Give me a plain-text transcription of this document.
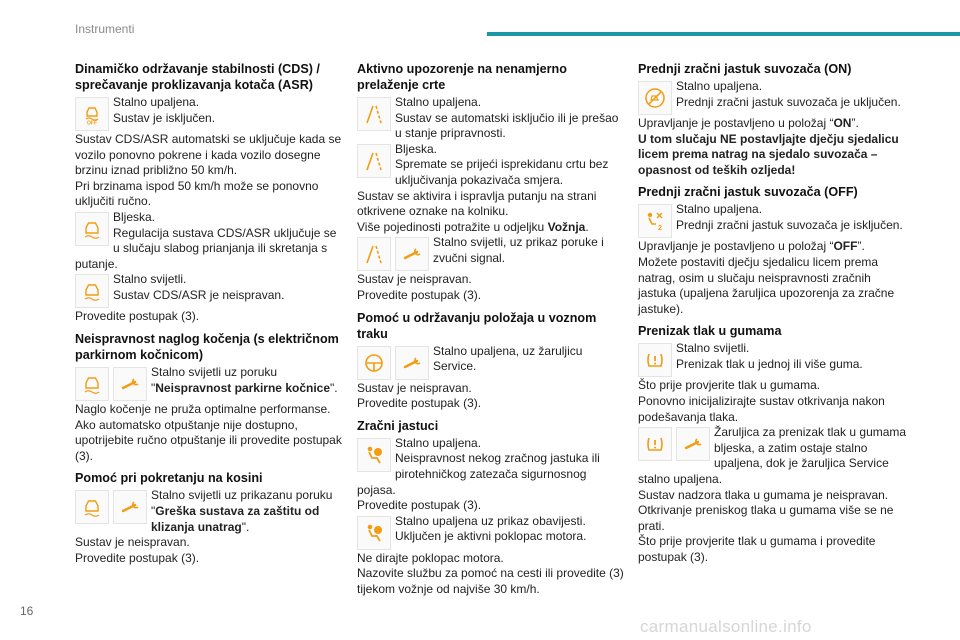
Instrumenti
Dinamičko održavanje stabilnosti (CDS) / sprečavanje proklizavanja kotača (ASR)
OFF
Stalno upaljena.
Sustav je isključen.
Sustav CDS/ASR automatski se uključuje kada se vozilo ponovno pokrene i kada vozilo dosegne brzinu iznad približno 50 km/h.
Pri brzinama ispod 50 km/h može se ponovno uključiti ručno.
Bljeska.
Regulacija sustava CDS/ASR uključuje se u slučaju slabog prianjanja ili skretanja s putanje.
Stalno svijetli.
Sustav CDS/ASR je neispravan.
Provedite postupak (3).
Neispravnost naglog kočenja (s električnom parkirnom kočnicom)
Stalno svijetli uz poruku "Neispravnost parkirne kočnice".
Naglo kočenje ne pruža optimalne performanse.
Ako automatsko otpuštanje nije dostupno, upotrijebite ručno otpuštanje ili provedite postupak (3).
Pomoć pri pokretanju na kosini
Stalno svijetli uz prikazanu poruku "Greška sustava za zaštitu od klizanja unatrag".
Sustav je neispravan.
Provedite postupak (3).
Aktivno upozorenje na nenamjerno prelaženje crte
Stalno upaljena.
Sustav se automatski isključio ili je prešao u stanje pripravnosti.
Bljeska.
Spremate se prijeći isprekidanu crtu bez uključivanja pokazivača smjera.
Sustav se aktivira i ispravlja putanju na strani otkrivene oznake na kolniku.
Više pojedinosti potražite u odjeljku Vožnja.
Stalno svijetli, uz prikaz poruke i zvučni signal.
Sustav je neispravan.
Provedite postupak (3).
Pomoć u održavanju položaja u voznom traku
Stalno upaljena, uz žaruljicu Service.
Sustav je neispravan.
Provedite postupak (3).
Zračni jastuci
Stalno upaljena.
Neispravnost nekog zračnog jastuka ili pirotehničkog zatezača sigurnosnog pojasa.
Provedite postupak (3).
Stalno upaljena uz prikaz obavijesti.
Uključen je aktivni poklopac motora.
Ne dirajte poklopac motora.
Nazovite službu za pomoć na cesti ili provedite (3) tijekom vožnje od najviše 30 km/h.
Prednji zračni jastuk suvozača (ON)
Stalno upaljena.
Prednji zračni jastuk suvozača je uključen.
Upravljanje je postavljeno u položaj “ON”.
U tom slučaju NE postavljajte dječju sjedalicu licem prema natrag na sjedalo suvozača – opasnost od teških ozljeda!
Prednji zračni jastuk suvozača (OFF)
2
Stalno upaljena.
Prednji zračni jastuk suvozača je isključen.
Upravljanje je postavljeno u položaj “OFF”.
Možete postaviti dječju sjedalicu licem prema natrag, osim u slučaju neispravnosti zračnih jastuka (upaljena žaruljica upozorenja za zračne jastuke).
Prenizak tlak u gumama
Stalno svijetli.
Prenizak tlak u jednoj ili više guma.
Što prije provjerite tlak u gumama.
Ponovno inicijalizirajte sustav otkrivanja nakon podešavanja tlaka.
Žaruljica za prenizak tlak u gumama bljeska, a zatim ostaje stalno upaljena, dok je žaruljica Service stalno upaljena.
Sustav nadzora tlaka u gumama je neispravan.
Otkrivanje preniskog tlaka u gumama više se ne prati.
Što prije provjerite tlak u gumama i provedite postupak (3).
16
carmanualsonline.info
